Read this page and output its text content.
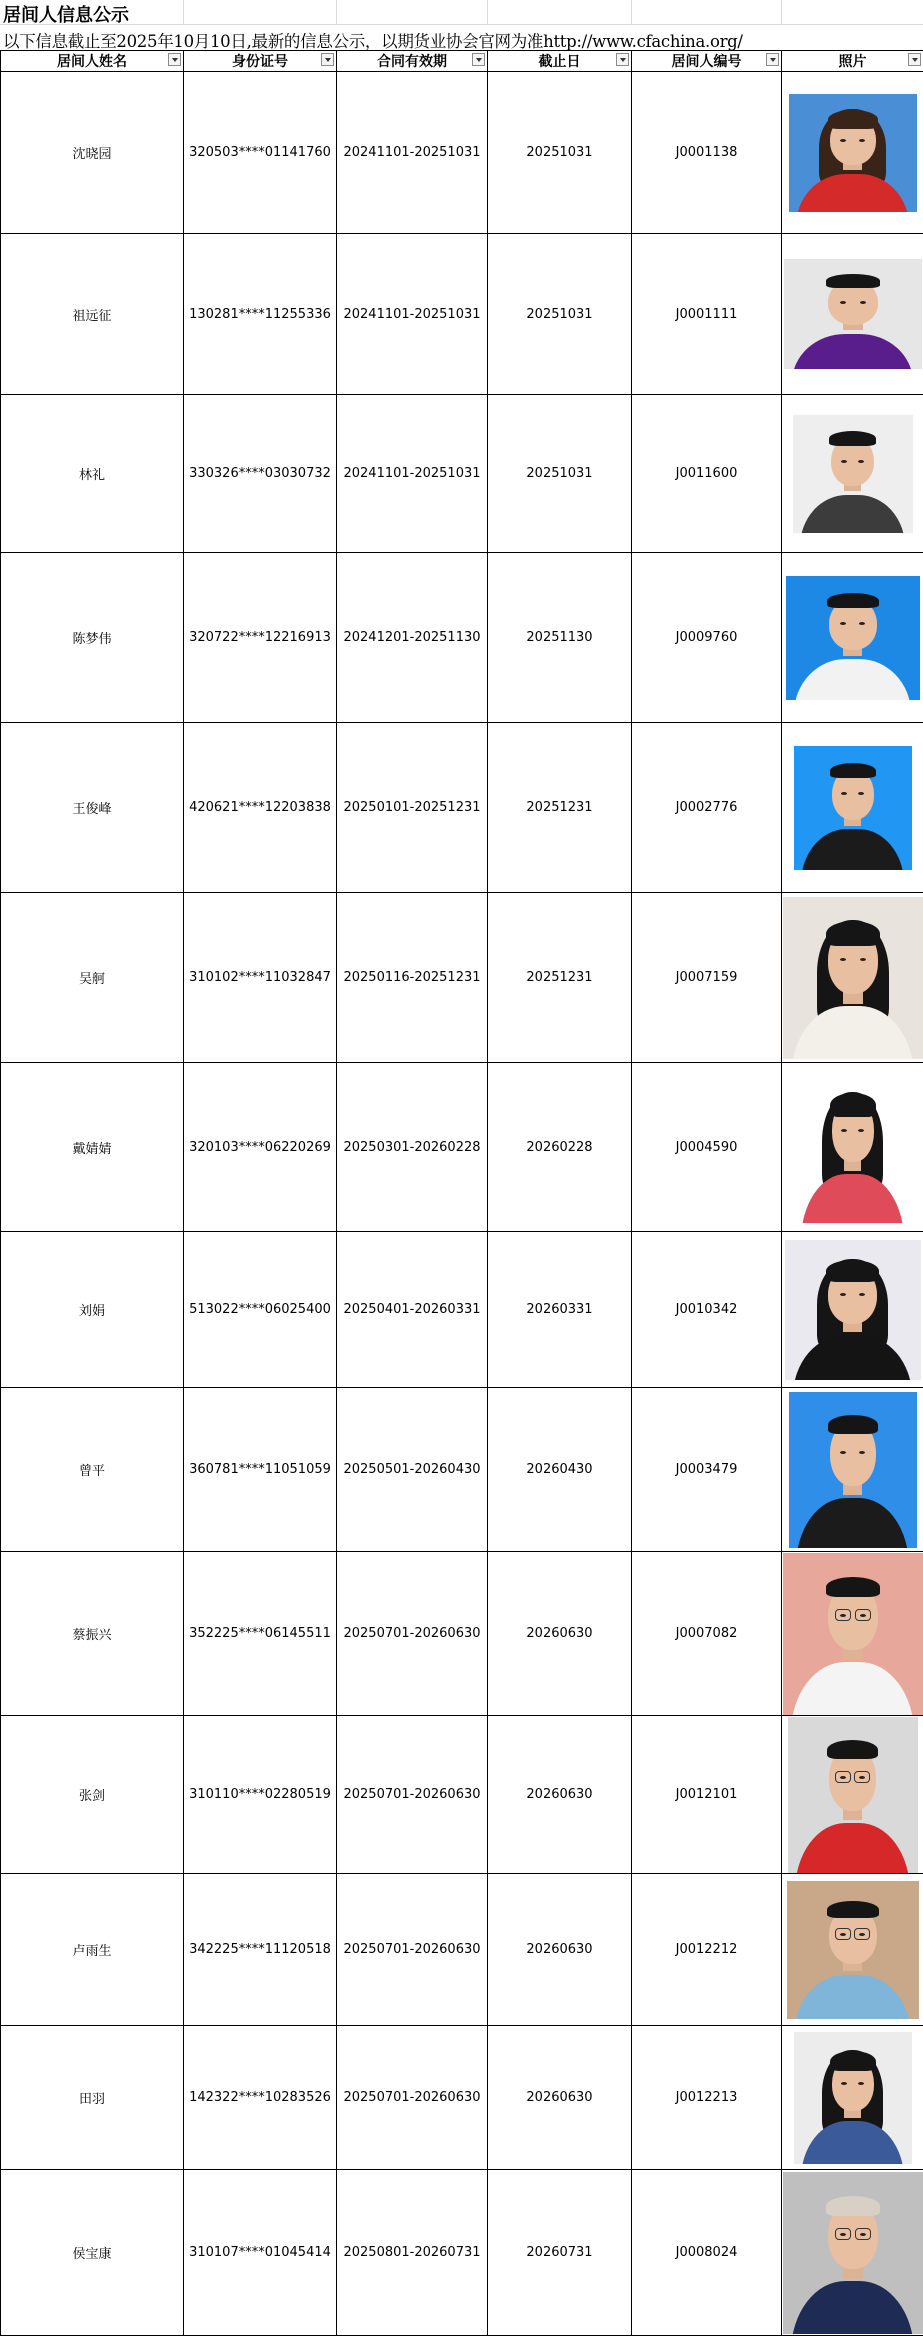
居间人信息公示
以下信息截止至2025年10月10日,最新的信息公示，以期货业协会官网为准http://www.cfachina.org/
居间人姓名	身份证号	合同有效期	截止日	居间人编号	照片

沈晓园	320503****01141760	20241101-20251031	20251031	J0001138	

祖远征	130281****11255336	20241101-20251031	20251031	J0001111	

林礼	330326****03030732	20241101-20251031	20251031	J0011600	

陈梦伟	320722****12216913	20241201-20251130	20251130	J0009760	

王俊峰	420621****12203838	20250101-20251231	20251231	J0002776	

吴舸	310102****11032847	20250116-20251231	20251231	J0007159	

戴婧婧	320103****06220269	20250301-20260228	20260228	J0004590	

刘娟	513022****06025400	20250401-20260331	20260331	J0010342	

曾平	360781****11051059	20250501-20260430	20260430	J0003479	

蔡振兴	352225****06145511	20250701-20260630	20260630	J0007082	

张剑	310110****02280519	20250701-20260630	20260630	J0012101	

卢雨生	342225****11120518	20250701-20260630	20260630	J0012212	

田羽	142322****10283526	20250701-20260630	20260630	J0012213	

侯宝康	310107****01045414	20250801-20260731	20260731	J0008024	
